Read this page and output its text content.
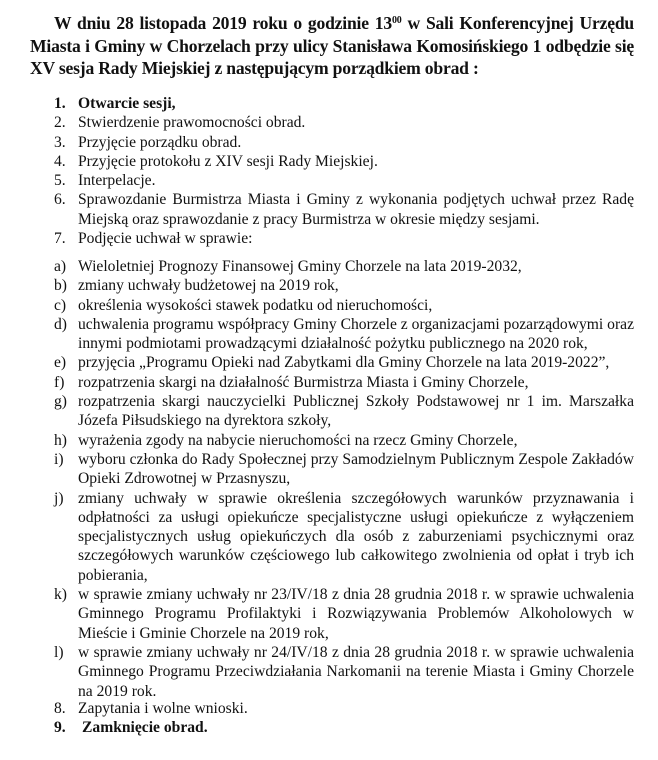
W dniu 28 listopada 2019 roku o godzinie $13^{00}$ w Sali Konferencyjnej Urzędu Miasta i Gminy w Chorzelach przy ulicy Stanisława Komosińskiego 1 odbędzie się XV sesja Rady Miejskiej z następującym porządkiem obrad :

1. Otwarcie sesji,
2. Stwierdzenie prawomocności obrad.
3. Przyjęcie porządku obrad.
4. Przyjęcie protokołu z XIV sesji Rady Miejskiej.
5. Interpelacje.
6. Sprawozdanie Burmistrza Miasta i Gminy z wykonania podjętych uchwał przez Radę Miejską oraz sprawozdanie z pracy Burmistrza w okresie między sesjami.
7. Podjęcie uchwał w sprawie:
a) Wieloletniej Prognozy Finansowej Gminy Chorzele na lata 2019-2032,
b) zmiany uchwały budżetowej na 2019 rok,
c) określenia wysokości stawek podatku od nieruchomości,
d) uchwalenia programu współpracy Gminy Chorzele z organizacjami pozarządowymi oraz innymi podmiotami prowadzącymi działalność pożytku publicznego na 2020 rok,
e) przyjęcia „Programu Opieki nad Zabytkami dla Gminy Chorzele na lata 2019-2022”,
f) rozpatrzenia skargi na działalność Burmistrza Miasta i Gminy Chorzele,
g) rozpatrzenia skargi nauczycielki Publicznej Szkoły Podstawowej nr 1 im. Marszałka Józefa Piłsudskiego na dyrektora szkoły,
h) wyrażenia zgody na nabycie nieruchomości na rzecz Gminy Chorzele,
i) wyboru członka do Rady Społecznej przy Samodzielnym Publicznym Zespole Zakładów Opieki Zdrowotnej w Przasnyszu,
j) zmiany uchwały w sprawie określenia szczegółowych warunków przyznawania i odpłatności za usługi opiekuńcze specjalistyczne usługi opiekuńcze z wyłączeniem specjalistycznych usług opiekuńczych dla osób z zaburzeniami psychicznymi oraz szczegółowych warunków częściowego lub całkowitego zwolnienia od opłat i tryb ich pobierania,
k) w sprawie zmiany uchwały nr 23/IV/18 z dnia 28 grudnia 2018 r. w sprawie uchwalenia Gminnego Programu Profilaktyki i Rozwiązywania Problemów Alkoholowych w Mieście i Gminie Chorzele na 2019 rok,
l) w sprawie zmiany uchwały nr 24/IV/18 z dnia 28 grudnia 2018 r. w sprawie uchwalenia Gminnego Programu Przeciwdziałania Narkomanii na terenie Miasta i Gminy Chorzele na 2019 rok.
8. Zapytania i wolne wnioski.
9.	Zamknięcie obrad.
